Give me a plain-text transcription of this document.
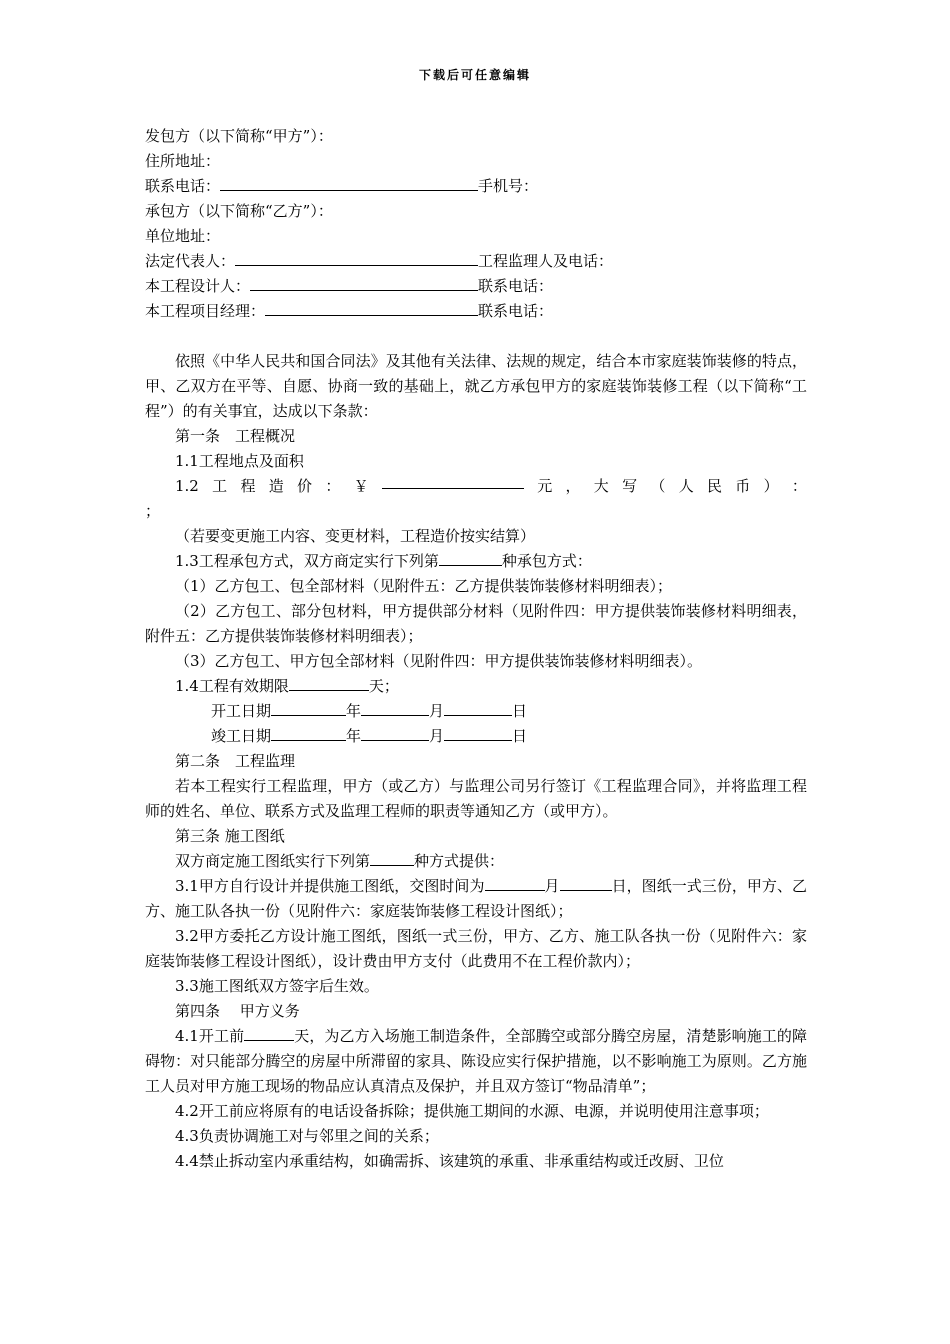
下载后可任意编辑
发包方（以下简称“甲方”）：
住所地址：
联系电话：	手机号：
承包方（以下简称“乙方”）：
单位地址：
法定代表人：	工程监理人及电话：
本工程设计人：	联系电话：
本工程项目经理：	联系电话：
依照《中华人民共和国合同法》及其他有关法律、法规的规定，结合本市家庭装饰装修的特点，甲、乙双方在平等、自愿、协商一致的基础上，就乙方承包甲方的家庭装饰装修工程（以下简称“工程”）的有关事宜，达成以下条款：
第一条　工程概况
1.1工程地点及面积
1.2 工 程 造 价 ： ￥	元 ， 大 写 （ 人 民 币 ） ：
；
（若要变更施工内容、变更材料，工程造价按实结算）
1.3工程承包方式，双方商定实行下列第	种承包方式：
（1）乙方包工、包全部材料（见附件五：乙方提供装饰装修材料明细表）；
（2）乙方包工、部分包材料，甲方提供部分材料（见附件四：甲方提供装饰装修材料明细表，附件五：乙方提供装饰装修材料明细表）；
（3）乙方包工、甲方包全部材料（见附件四：甲方提供装饰装修材料明细表）。
1.4工程有效期限	天；
开工日期	年	月	日
竣工日期	年	月	日
第二条　工程监理
若本工程实行工程监理，甲方（或乙方）与监理公司另行签订《工程监理合同》，并将监理工程师的姓名、单位、联系方式及监理工程师的职责等通知乙方（或甲方）。
第三条 施工图纸
双方商定施工图纸实行下列第	种方式提供：
3.1甲方自行设计并提供施工图纸，交图时间为	月	日，图纸一式三份，甲方、乙方、施工队各执一份（见附件六：家庭装饰装修工程设计图纸）；
3.2甲方委托乙方设计施工图纸，图纸一式三份，甲方、乙方、施工队各执一份（见附件六：家庭装饰装修工程设计图纸），设计费由甲方支付（此费用不在工程价款内）；
3.3施工图纸双方签字后生效。
第四条　 甲方义务
4.1开工前	天，为乙方入场施工制造条件，全部腾空或部分腾空房屋，清楚影响施工的障碍物：对只能部分腾空的房屋中所滞留的家具、陈设应实行保护措施，以不影响施工为原则。乙方施工人员对甲方施工现场的物品应认真清点及保护，并且双方签订“物品清单”；
4.2开工前应将原有的电话设备拆除；提供施工期间的水源、电源，并说明使用注意事项；
4.3负责协调施工对与邻里之间的关系；
4.4禁止拆动室内承重结构，如确需拆、该建筑的承重、非承重结构或迁改厨、卫位
